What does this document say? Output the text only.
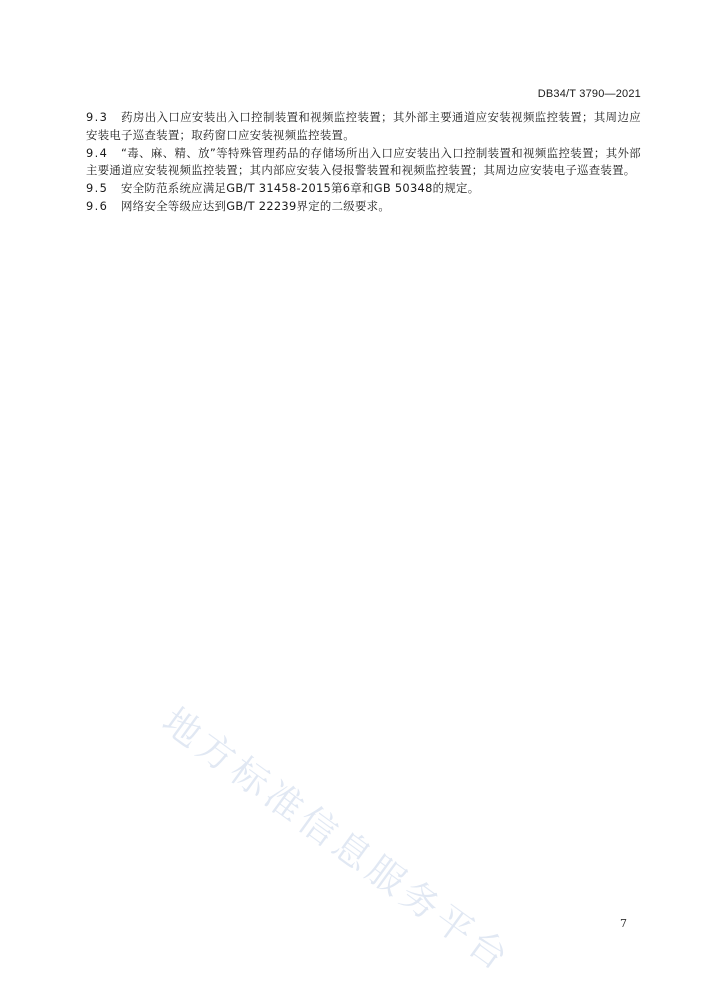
DB34/T 3790—2021

9.3 药房出入口应安装出入口控制装置和视频监控装置；其外部主要通道应安装视频监控装置；其周边应安装电子巡查装置；取药窗口应安装视频监控装置。

9.4 “毒、麻、精、放”等特殊管理药品的存储场所出入口应安装出入口控制装置和视频监控装置；其外部主要通道应安装视频监控装置；其内部应安装入侵报警装置和视频监控装置；其周边应安装电子巡查装置。

9.5 安全防范系统应满足GB/T 31458-2015第6章和GB 50348的规定。

9.6 网络安全等级应达到GB/T 22239界定的二级要求。

地方标准信息服务平台	7
